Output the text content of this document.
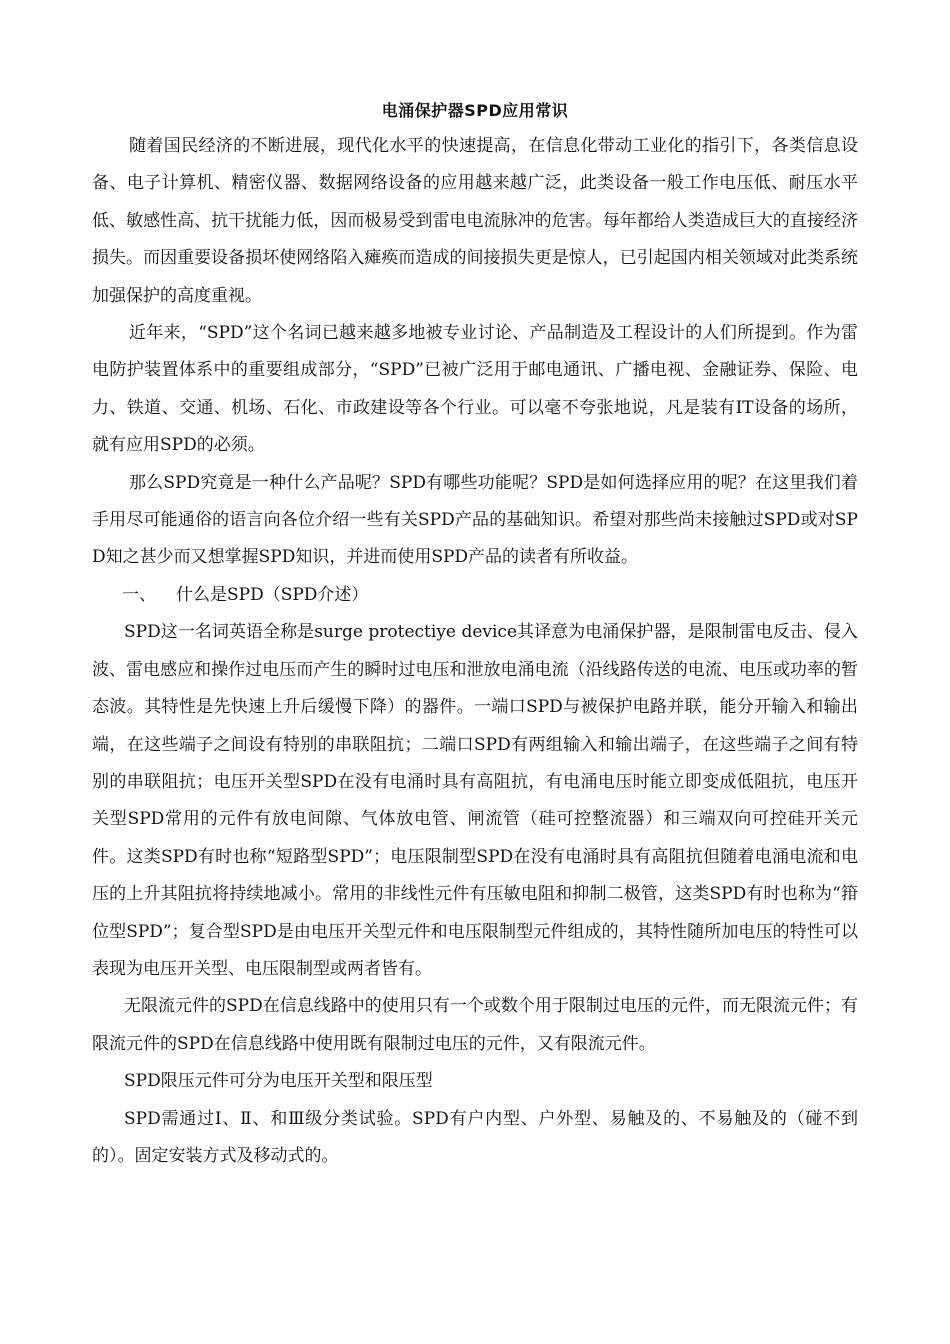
电涌保护器SPD应用常识

随着国民经济的不断进展，现代化水平的快速提高，在信息化带动工业化的指引下，各类信息设备、电子计算机、精密仪器、数据网络设备的应用越来越广泛，此类设备一般工作电压低、耐压水平低、敏感性高、抗干扰能力低，因而极易受到雷电电流脉冲的危害。每年都给人类造成巨大的直接经济损失。而因重要设备损坏使网络陷入瘫痪而造成的间接损失更是惊人，已引起国内相关领域对此类系统加强保护的高度重视。

近年来，“SPD”这个名词已越来越多地被专业讨论、产品制造及工程设计的人们所提到。作为雷电防护装置体系中的重要组成部分，“SPD”已被广泛用于邮电通讯、广播电视、金融证券、保险、电力、铁道、交通、机场、石化、市政建设等各个行业。可以毫不夸张地说，凡是装有IT设备的场所，就有应用SPD的必须。

那么SPD究竟是一种什么产品呢？SPD有哪些功能呢？SPD是如何选择应用的呢？在这里我们着手用尽可能通俗的语言向各位介绍一些有关SPD产品的基础知识。希望对那些尚未接触过SPD或对SPD知之甚少而又想掌握SPD知识，并进而使用SPD产品的读者有所收益。

一、 什么是SPD（SPD介述）

SPD这一名词英语全称是surge protectiye device其译意为电涌保护器，是限制雷电反击、侵入波、雷电感应和操作过电压而产生的瞬时过电压和泄放电涌电流（沿线路传送的电流、电压或功率的暂态波。其特性是先快速上升后缓慢下降）的器件。一端口SPD与被保护电路并联，能分开输入和输出端，在这些端子之间设有特别的串联阻抗；二端口SPD有两组输入和输出端子，在这些端子之间有特别的串联阻抗；电压开关型SPD在没有电涌时具有高阻抗，有电涌电压时能立即变成低阻抗，电压开关型SPD常用的元件有放电间隙、气体放电管、闸流管（硅可控整流器）和三端双向可控硅开关元件。这类SPD有时也称“短路型SPD”；电压限制型SPD在没有电涌时具有高阻抗但随着电涌电流和电压的上升其阻抗将持续地减小。常用的非线性元件有压敏电阻和抑制二极管，这类SPD有时也称为“箝位型SPD”；复合型SPD是由电压开关型元件和电压限制型元件组成的，其特性随所加电压的特性可以表现为电压开关型、电压限制型或两者皆有。

无限流元件的SPD在信息线路中的使用只有一个或数个用于限制过电压的元件，而无限流元件；有限流元件的SPD在信息线路中使用既有限制过电压的元件，又有限流元件。

SPD限压元件可分为电压开关型和限压型

SPD需通过Ⅰ、Ⅱ、和Ⅲ级分类试验。SPD有户内型、户外型、易触及的、不易触及的（碰不到的）。固定安装方式及移动式的。
